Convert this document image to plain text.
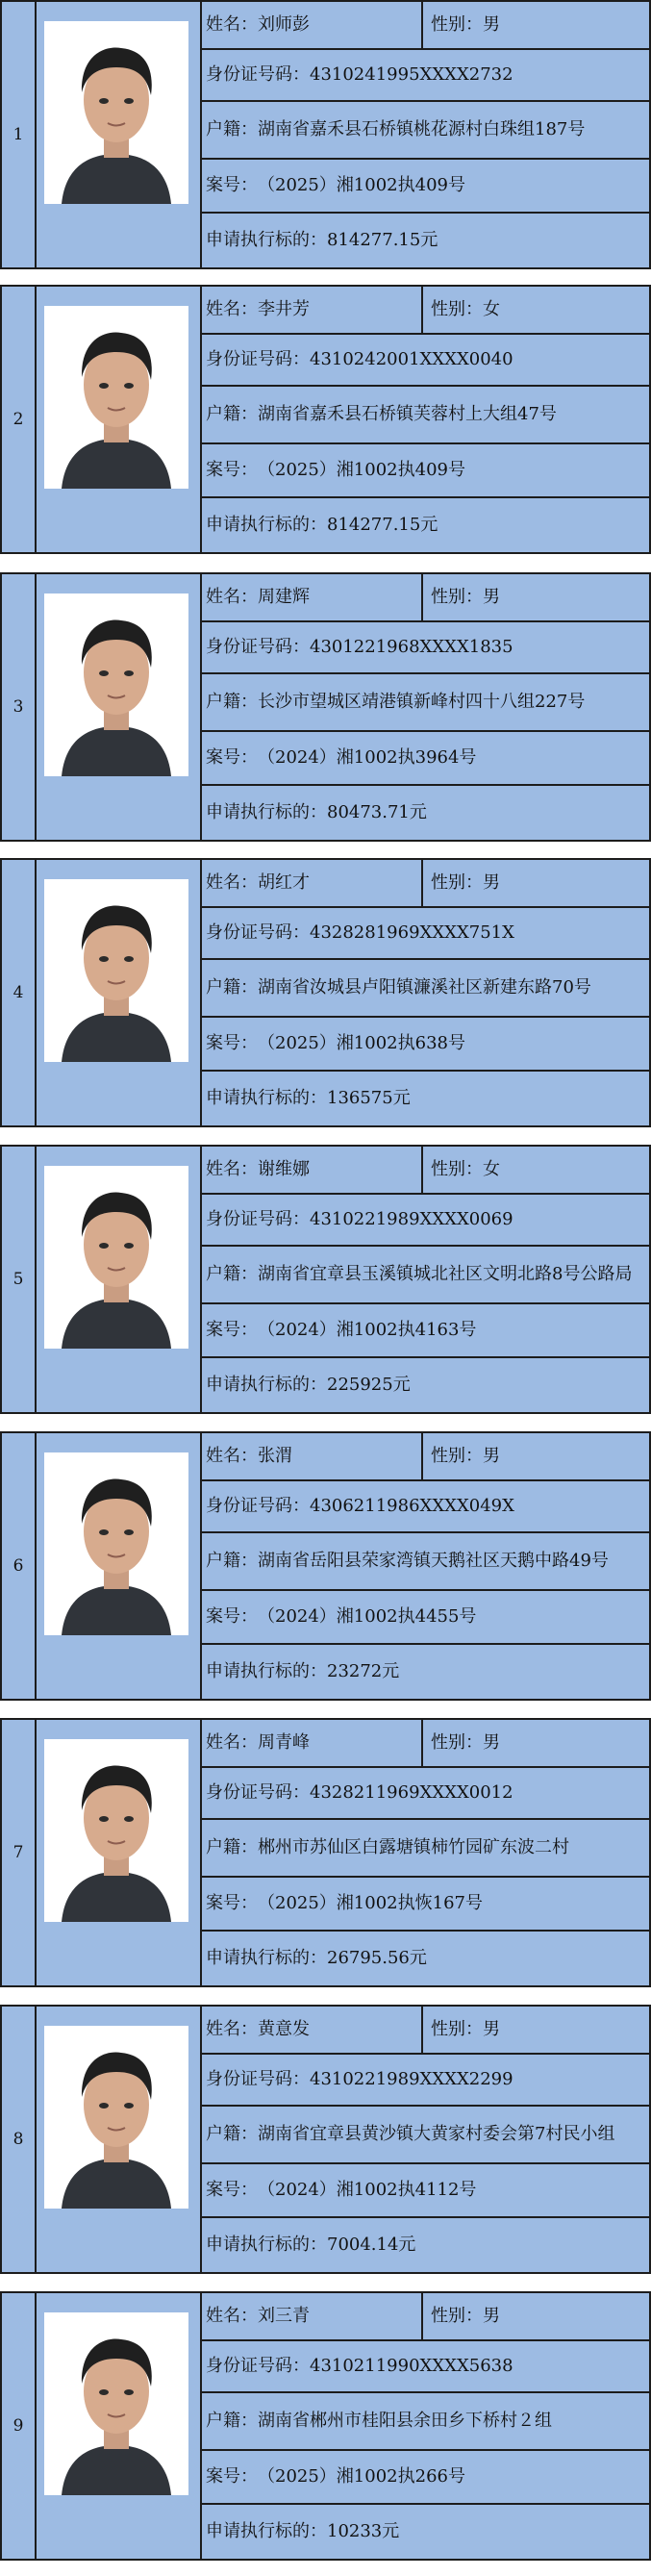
1
姓名： 刘师彭	性别： 男
身份证号码： 4310241995XXXX2732
户籍：湖南省嘉禾县石桥镇桃花源村白珠组187号
案号： （2025）湘1002执409号
申请执行标的： 814277.15元
2
姓名： 李井芳	性别： 女
身份证号码： 4310242001XXXX0040
户籍：湖南省嘉禾县石桥镇芙蓉村上大组47号
案号： （2025）湘1002执409号
申请执行标的： 814277.15元
3
姓名： 周建辉	性别： 男
身份证号码： 4301221968XXXX1835
户籍：长沙市望城区靖港镇新峰村四十八组227号
案号： （2024）湘1002执3964号
申请执行标的： 80473.71元
4
姓名： 胡红才	性别： 男
身份证号码： 4328281969XXXX751X
户籍：湖南省汝城县卢阳镇濂溪社区新建东路70号
案号： （2025）湘1002执638号
申请执行标的： 136575元
5
姓名： 谢维娜	性别： 女
身份证号码： 4310221989XXXX0069
户籍：湖南省宜章县玉溪镇城北社区文明北路8号公路局
案号： （2024）湘1002执4163号
申请执行标的： 225925元
6
姓名： 张渭	性别： 男
身份证号码： 4306211986XXXX049X
户籍：湖南省岳阳县荣家湾镇天鹅社区天鹅中路49号
案号： （2024）湘1002执4455号
申请执行标的： 23272元
7
姓名： 周青峰	性别： 男
身份证号码： 4328211969XXXX0012
户籍：郴州市苏仙区白露塘镇柿竹园矿东波二村
案号： （2025）湘1002执恢167号
申请执行标的： 26795.56元
8
姓名： 黄意发	性别： 男
身份证号码： 4310221989XXXX2299
户籍：湖南省宜章县黄沙镇大黄家村委会第7村民小组
案号： （2024）湘1002执4112号
申请执行标的： 7004.14元
9
姓名： 刘三青	性别： 男
身份证号码： 4310211990XXXX5638
户籍：湖南省郴州市桂阳县余田乡下桥村２组
案号： （2025）湘1002执266号
申请执行标的： 10233元
